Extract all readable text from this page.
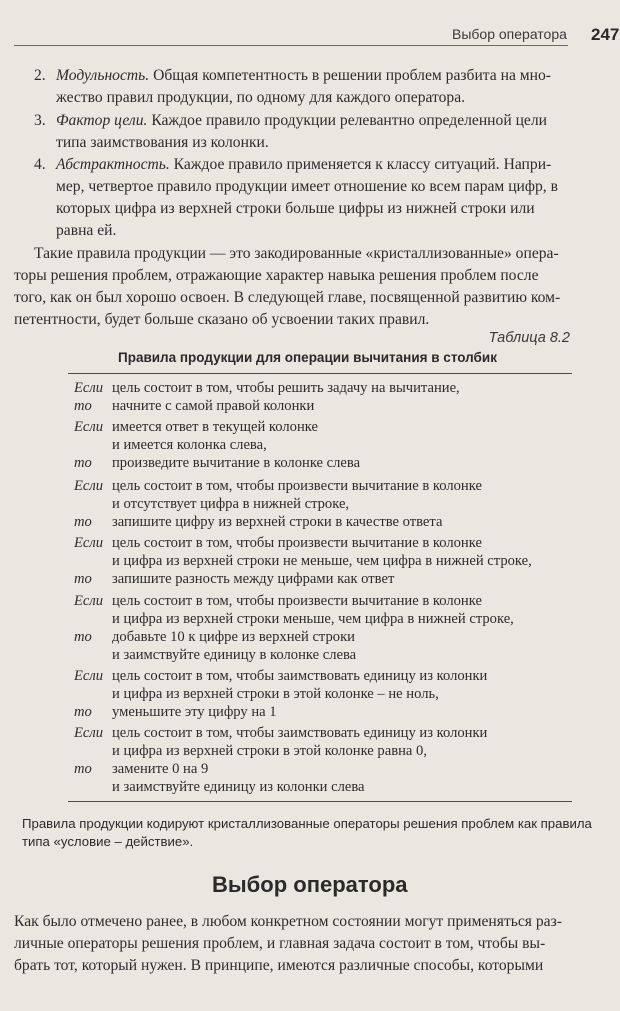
Выбор оператора 247

2. Модульность. Общая компетентность в решении проблем разбита на мно-

жество правил продукции, по одному для каждого оператора.

3. Фактор цели. Каждое правило продукции релевантно определенной цели

типа заимствования из колонки.

4. Абстрактность. Каждое правило применяется к классу ситуаций. Напри-

мер, четвертое правило продукции имеет отношение ко всем парам цифр, в

которых цифра из верхней строки больше цифры из нижней строки или

равна ей.

Такие правила продукции — это закодированные «кристаллизованные» опера-

торы решения проблем, отражающие характер навыка решения проблем после

того, как он был хорошо освоен. В следующей главе, посвященной развитию ком-

петентности, будет больше сказано об усвоении таких правил.

Таблица 8.2

Правила продукции для операции вычитания в столбик

Если цель состоит в том, чтобы решить задачу на вычитание,

то начните с самой правой колонки

Если имеется ответ в текущей колонке

и имеется колонка слева,

то произведите вычитание в колонке слева

Если цель состоит в том, чтобы произвести вычитание в колонке

и отсутствует цифра в нижней строке,

то запишите цифру из верхней строки в качестве ответа

Если цель состоит в том, чтобы произвести вычитание в колонке

и цифра из верхней строки не меньше, чем цифра в нижней строке,

то запишите разность между цифрами как ответ

Если цель состоит в том, чтобы произвести вычитание в колонке

и цифра из верхней строки меньше, чем цифра в нижней строке,

то добавьте 10 к цифре из верхней строки

и заимствуйте единицу в колонке слева

Если цель состоит в том, чтобы заимствовать единицу из колонки

и цифра из верхней строки в этой колонке – не ноль,

то уменьшите эту цифру на 1

Если цель состоит в том, чтобы заимствовать единицу из колонки

и цифра из верхней строки в этой колонке равна 0,

то замените 0 на 9

и заимствуйте единицу из колонки слева

Правила продукции кодируют кристаллизованные операторы решения проблем как правила

типа «условие – действие».

Выбор оператора

Как было отмечено ранее, в любом конкретном состоянии могут применяться раз-

личные операторы решения проблем, и главная задача состоит в том, чтобы вы-

брать тот, который нужен. В принципе, имеются различные способы, которыми
